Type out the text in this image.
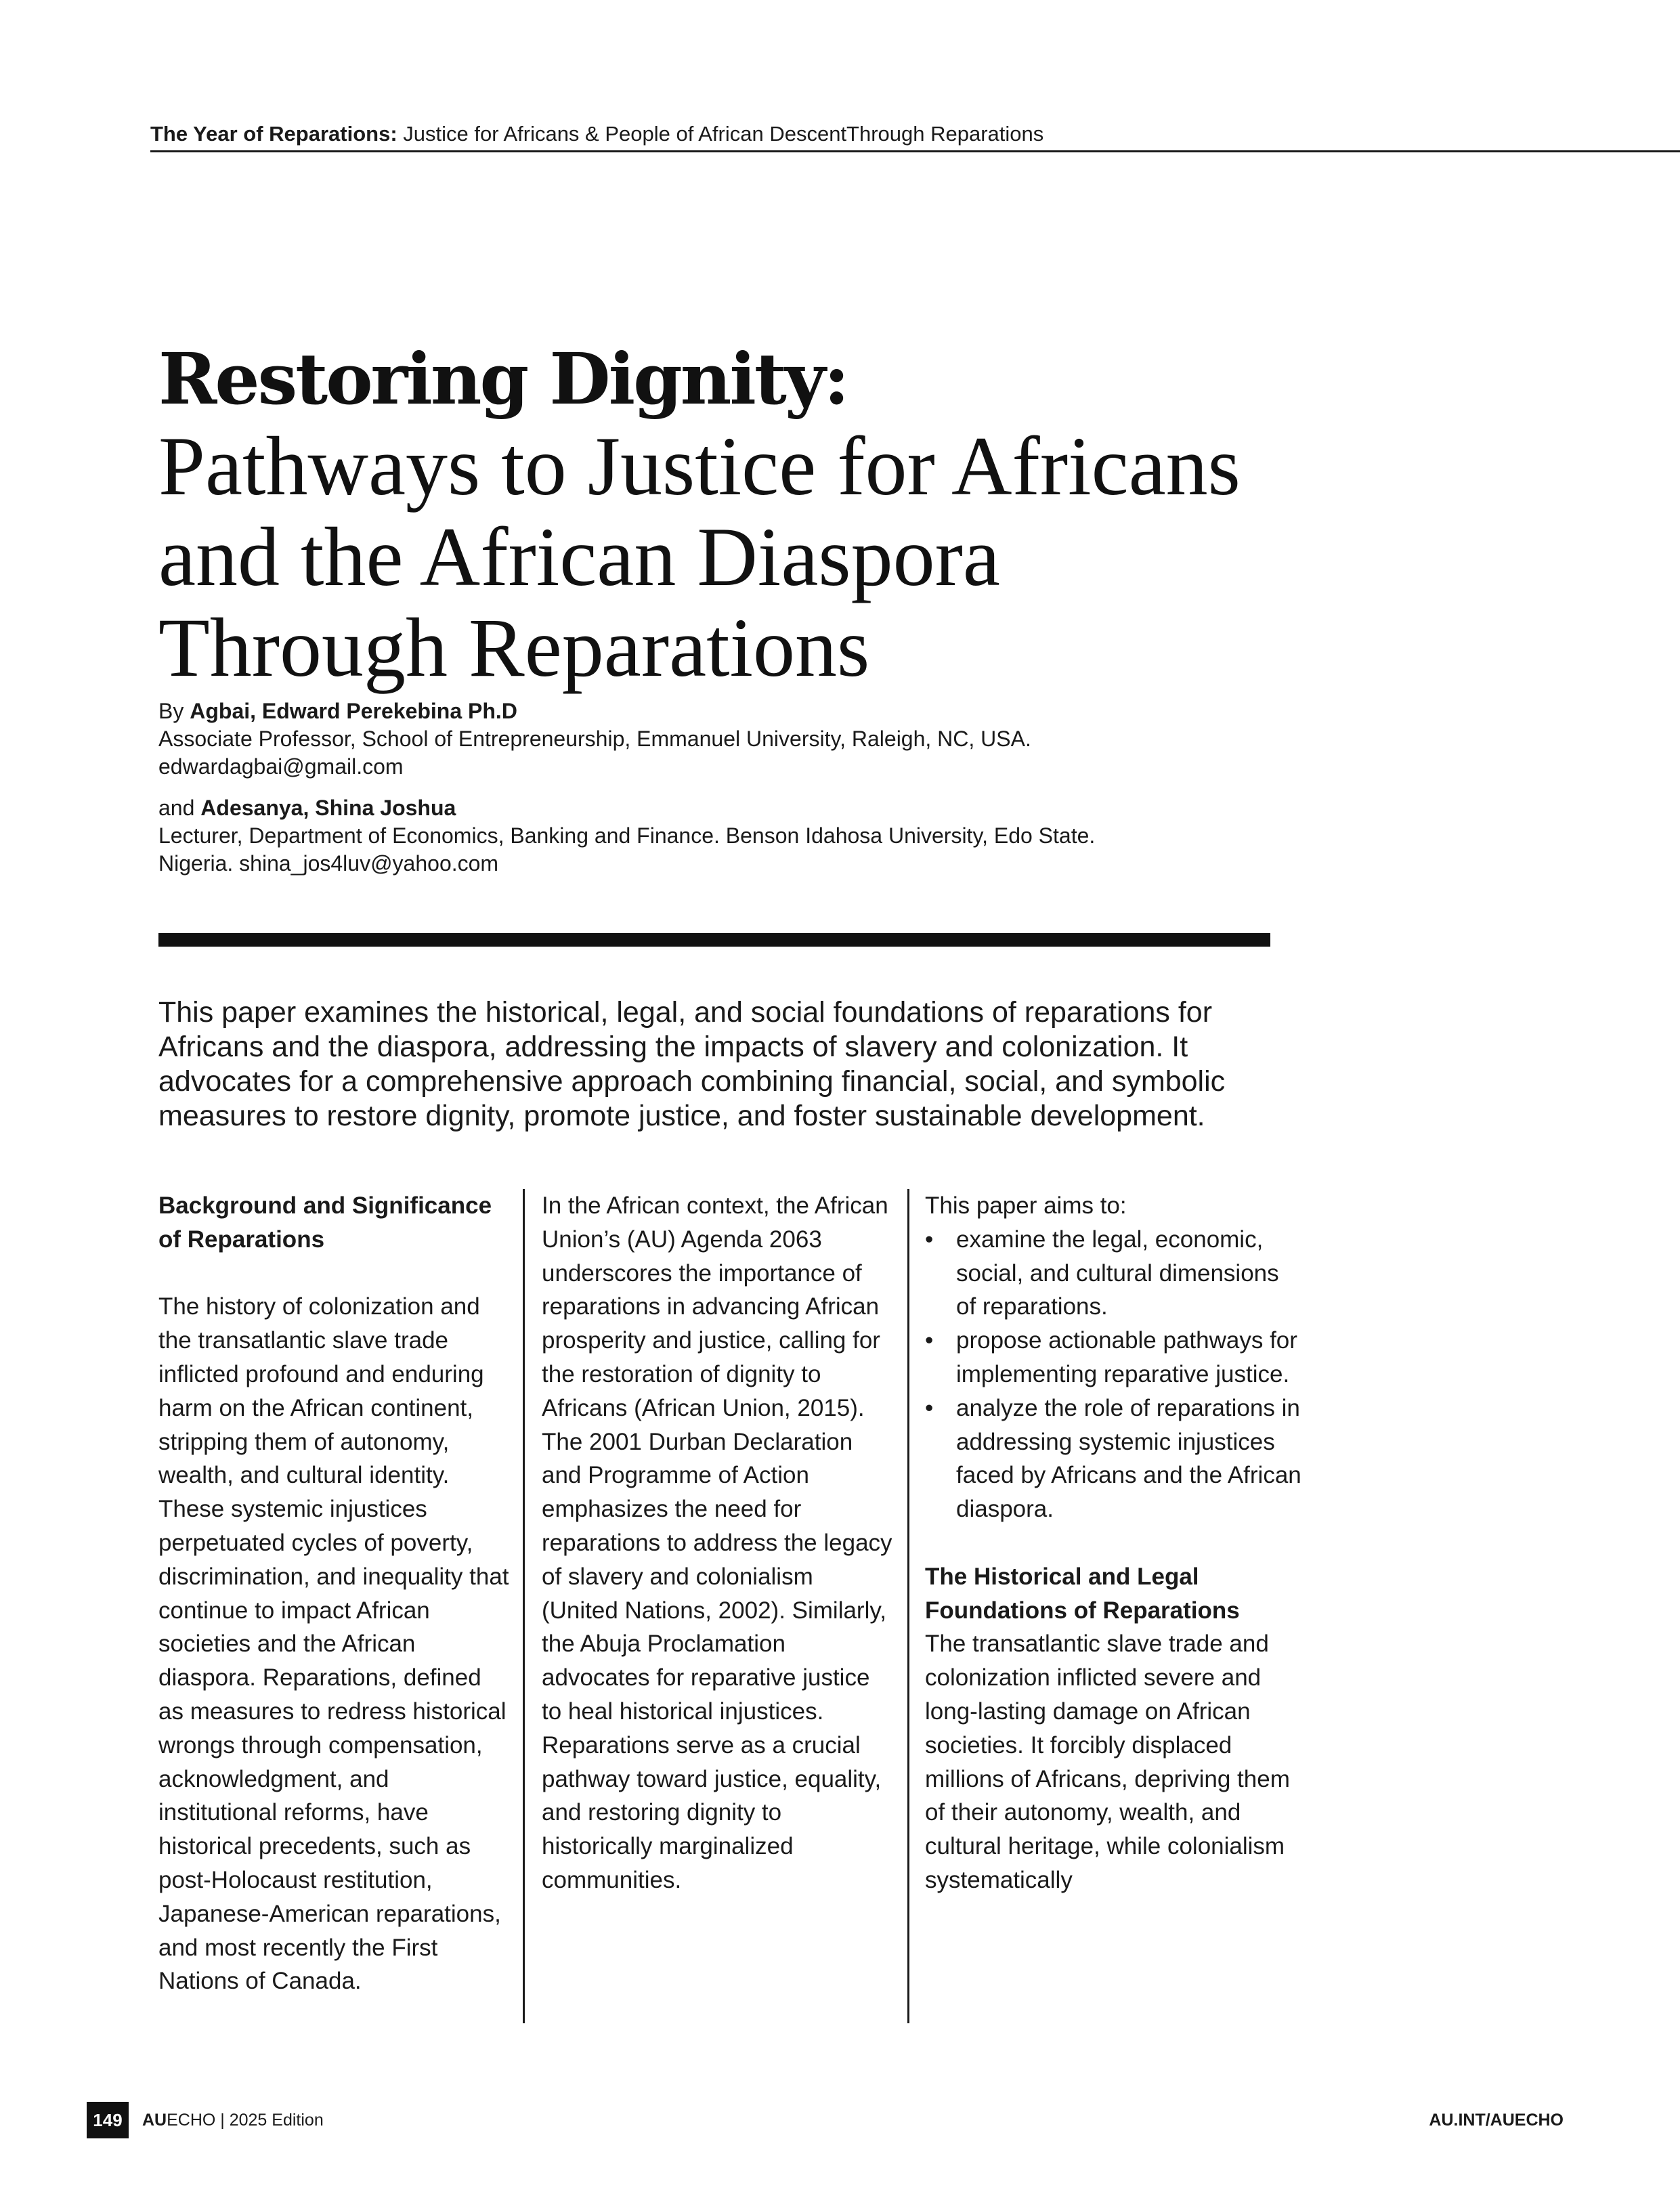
The Year of Reparations: Justice for Africans & People of African DescentThrough Reparations
Restoring Dignity:
Pathways to Justice for Africans
and the African Diaspora
Through Reparations
By Agbai, Edward Perekebina Ph.D
Associate Professor, School of Entrepreneurship, Emmanuel University, Raleigh, NC, USA.
edwardagbai@gmail.com
and Adesanya, Shina Joshua
Lecturer, Department of Economics, Banking and Finance. Benson Idahosa University, Edo State.
Nigeria. shina_jos4luv@yahoo.com
This paper examines the historical, legal, and social foundations of reparations for Africans and the diaspora, addressing the impacts of slavery and colonization. It advocates for a comprehensive approach combining financial, social, and symbolic measures to restore dignity, promote justice, and foster sustainable development.
Background and Significance of Reparations

The history of colonization and the transatlantic slave trade inflicted profound and enduring harm on the African continent, stripping them of autonomy, wealth, and cultural identity. These systemic injustices perpetuated cycles of poverty, discrimination, and inequality that continue to impact African societies and the African diaspora. Reparations, defined as measures to redress historical wrongs through compensation, acknowledgment, and institutional reforms, have historical precedents, such as post-Holocaust restitution, Japanese-American reparations, and most recently the First Nations of Canada.

In the African context, the African Union’s (AU) Agenda 2063 underscores the importance of reparations in advancing African prosperity and justice, calling for the restoration of dignity to Africans (African Union, 2015). The 2001 Durban Declaration and Programme of Action emphasizes the need for reparations to address the legacy of slavery and colonialism (United Nations, 2002). Similarly, the Abuja Proclamation advocates for reparative justice to heal historical injustices. Reparations serve as a crucial pathway toward justice, equality, and restoring dignity to historically marginalized communities.

This paper aims to:

• examine the legal, economic, social, and cultural dimensions of reparations.
• propose actionable pathways for implementing reparative justice.
• analyze the role of reparations in addressing systemic injustices faced by Africans and the African diaspora.
The Historical and Legal Foundations of Reparations

The transatlantic slave trade and colonization inflicted severe and long-lasting damage on African societies. It forcibly displaced millions of Africans, depriving them of their autonomy, wealth, and cultural heritage, while colonialism systematically

149	AUECHO | 2025 Edition	AU.INT/AUECHO
